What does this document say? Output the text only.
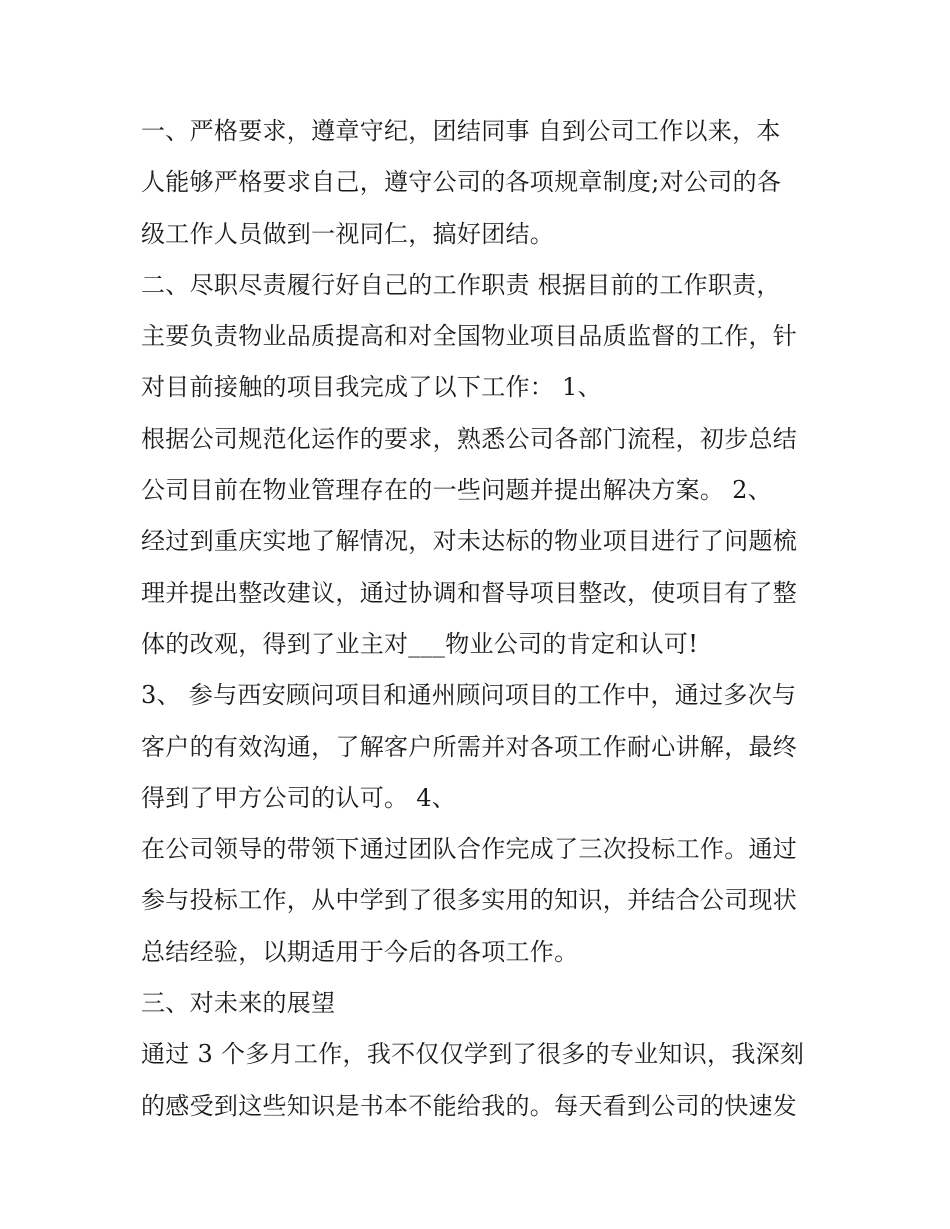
一、严格要求，遵章守纪，团结同事 自到公司工作以来，本
人能够严格要求自己，遵守公司的各项规章制度;对公司的各
级工作人员做到一视同仁，搞好团结。
二、尽职尽责履行好自己的工作职责 根据目前的工作职责，
主要负责物业品质提高和对全国物业项目品质监督的工作，针
对目前接触的项目我完成了以下工作： 1、
根据公司规范化运作的要求，熟悉公司各部门流程，初步总结
公司目前在物业管理存在的一些问题并提出解决方案。 2、
经过到重庆实地了解情况，对未达标的物业项目进行了问题梳
理并提出整改建议，通过协调和督导项目整改，使项目有了整
体的改观，得到了业主对___物业公司的肯定和认可!
3、 参与西安顾问项目和通州顾问项目的工作中，通过多次与
客户的有效沟通，了解客户所需并对各项工作耐心讲解，最终
得到了甲方公司的认可。 4、
在公司领导的带领下通过团队合作完成了三次投标工作。通过
参与投标工作，从中学到了很多实用的知识，并结合公司现状
总结经验，以期适用于今后的各项工作。
三、对未来的展望
通过 3 个多月工作，我不仅仅学到了很多的专业知识，我深刻
的感受到这些知识是书本不能给我的。每天看到公司的快速发
